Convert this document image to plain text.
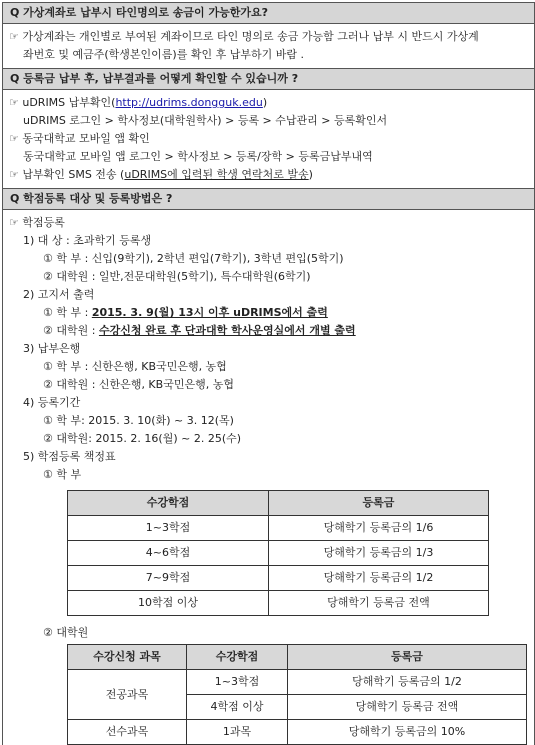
Q 가상계좌로 납부시 타인명의로 송금이 가능한가요?
☞ 가상계좌는 개인별로 부여된 계좌이므로 타인 명의로 송금 가능함 그러나 납부 시 반드시 가상계
좌번호 및 예금주(학생본인이름)를 확인 후 납부하기 바람 .
Q 등록금 납부 후, 납부결과를 어떻게 확인할 수 있습니까 ?
☞ uDRIMS 납부확인(http://udrims.dongguk.edu)
uDRIMS 로그인 > 학사정보(대학원학사) > 등록 > 수납관리 > 등록확인서
☞ 동국대학교 모바일 앱 확인
동국대학교 모바일 앱 로그인 > 학사정보 > 등록/장학 > 등록금납부내역
☞ 납부확인 SMS 전송 (uDRIMS에 입력된 학생 연락처로 발송)
Q 학점등록 대상 및 등록방법은 ?
☞ 학점등록
1) 대 상 : 초과학기 등록생
① 학 부 : 신입(9학기), 2학년 편입(7학기), 3학년 편입(5학기)
② 대학원 : 일반,전문대학원(5학기), 특수대학원(6학기)
2) 고지서 출력
① 학 부 : 2015. 3. 9(월) 13시 이후 uDRIMS에서 출력
② 대학원 : 수강신청 완료 후 단과대학 학사운영실에서 개별 출력
3) 납부은행
① 학 부 : 신한은행, KB국민은행, 농협
② 대학원 : 신한은행, KB국민은행, 농협
4) 등록기간
① 학 부: 2015. 3. 10(화) ~ 3. 12(목)
② 대학원: 2015. 2. 16(월) ~ 2. 25(수)
5) 학점등록 책정표
① 학 부
수강학점	등록금
1~3학점	당해학기 등록금의 1/6
4~6학점	당해학기 등록금의 1/3
7~9학점	당해학기 등록금의 1/2
10학점 이상	당해학기 등록금 전액
② 대학원
수강신청 과목	수강학점	등록금
전공과목	1~3학점	당해학기 등록금의 1/2
	4학점 이상	당해학기 등록금 전액
선수과목	1과목	당해학기 등록금의 10%
